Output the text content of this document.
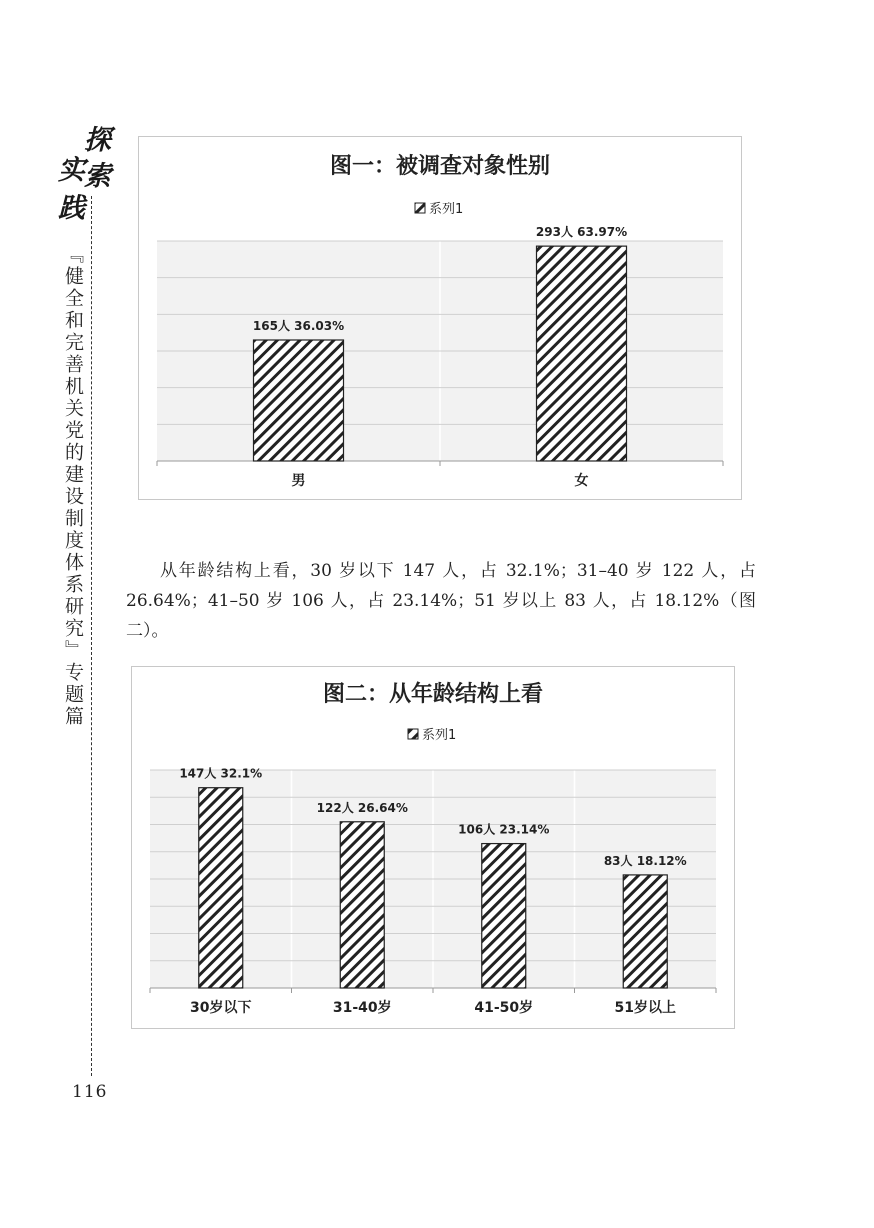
探
索
实
践
『健全和完善机关党的建设制度体系研究』专题篇
116
图一：被调查对象性别
系列1
165人 36.03%
男
293人 63.97%
女

从年龄结构上看，30 岁以下 147 人，占 32.1%；31–40 岁 122 人，占 26.64%；41–50 岁 106 人，占 23.14%；51 岁以上 83 人，占 18.12%（图二）。

图二：从年龄结构上看
系列1
147人 32.1%
30岁以下
122人 26.64%
31-40岁
106人 23.14%
41-50岁
83人 18.12%
51岁以上
